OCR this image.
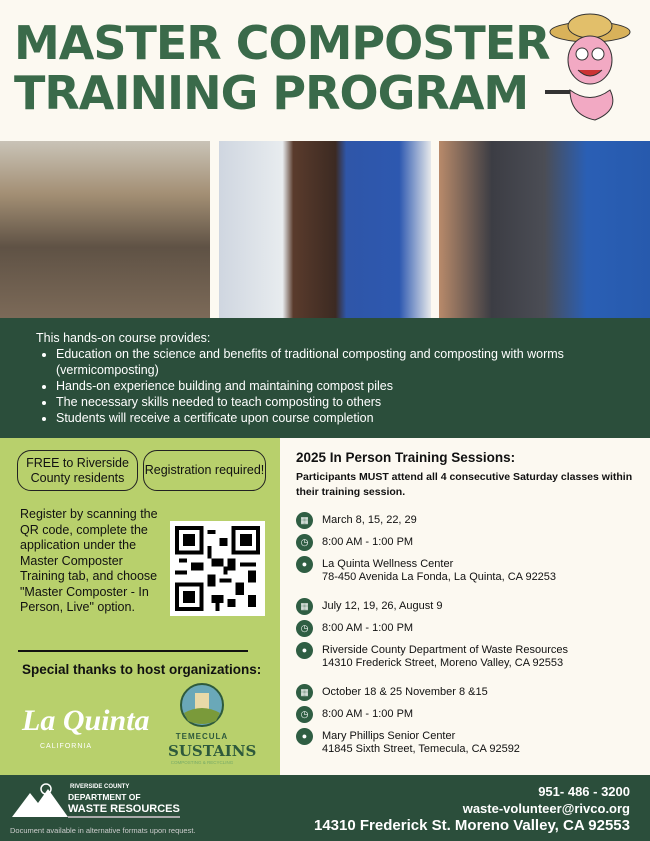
MASTER COMPOSTER
TRAINING PROGRAM
This hands-on course provides:
• Education on the science and benefits of traditional composting and composting with worms (vermicomposting)
• Hands-on experience building and maintaining compost piles
• The necessary skills needed to teach composting to others
• Students will receive a certificate upon course completion
FREE to Riverside County residents
Registration required!
Register by scanning the QR code, complete the application under the Master Composter Training tab, and choose "Master Composter - In Person, Live" option.
Special thanks to host organizations:
La Quinta
CALIFORNIA
TEMECULA
SUSTAINS
COMPOSTING & RECYCLING
2025 In Person Training Sessions:
Participants MUST attend all 4 consecutive Saturday classes within their training session.
▦	March 8, 15, 22, 29
◷	8:00 AM - 1:00 PM
●	La Quinta Wellness Center
78-450 Avenida La Fonda, La Quinta, CA 92253
▦	July 12, 19, 26, August 9
◷	8:00 AM - 1:00 PM
●	Riverside County Department of Waste Resources
14310 Frederick Street, Moreno Valley, CA 92553
▦	October 18 & 25 November 8 &15
◷	8:00 AM - 1:00 PM
●	Mary Phillips Senior Center
41845 Sixth Street, Temecula, CA 92592
RIVERSIDE COUNTY
DEPARTMENT OF
WASTE RESOURCES
Document available in alternative formats upon request.
951- 486 - 3200
waste-volunteer@rivco.org
14310 Frederick St. Moreno Valley, CA 92553
